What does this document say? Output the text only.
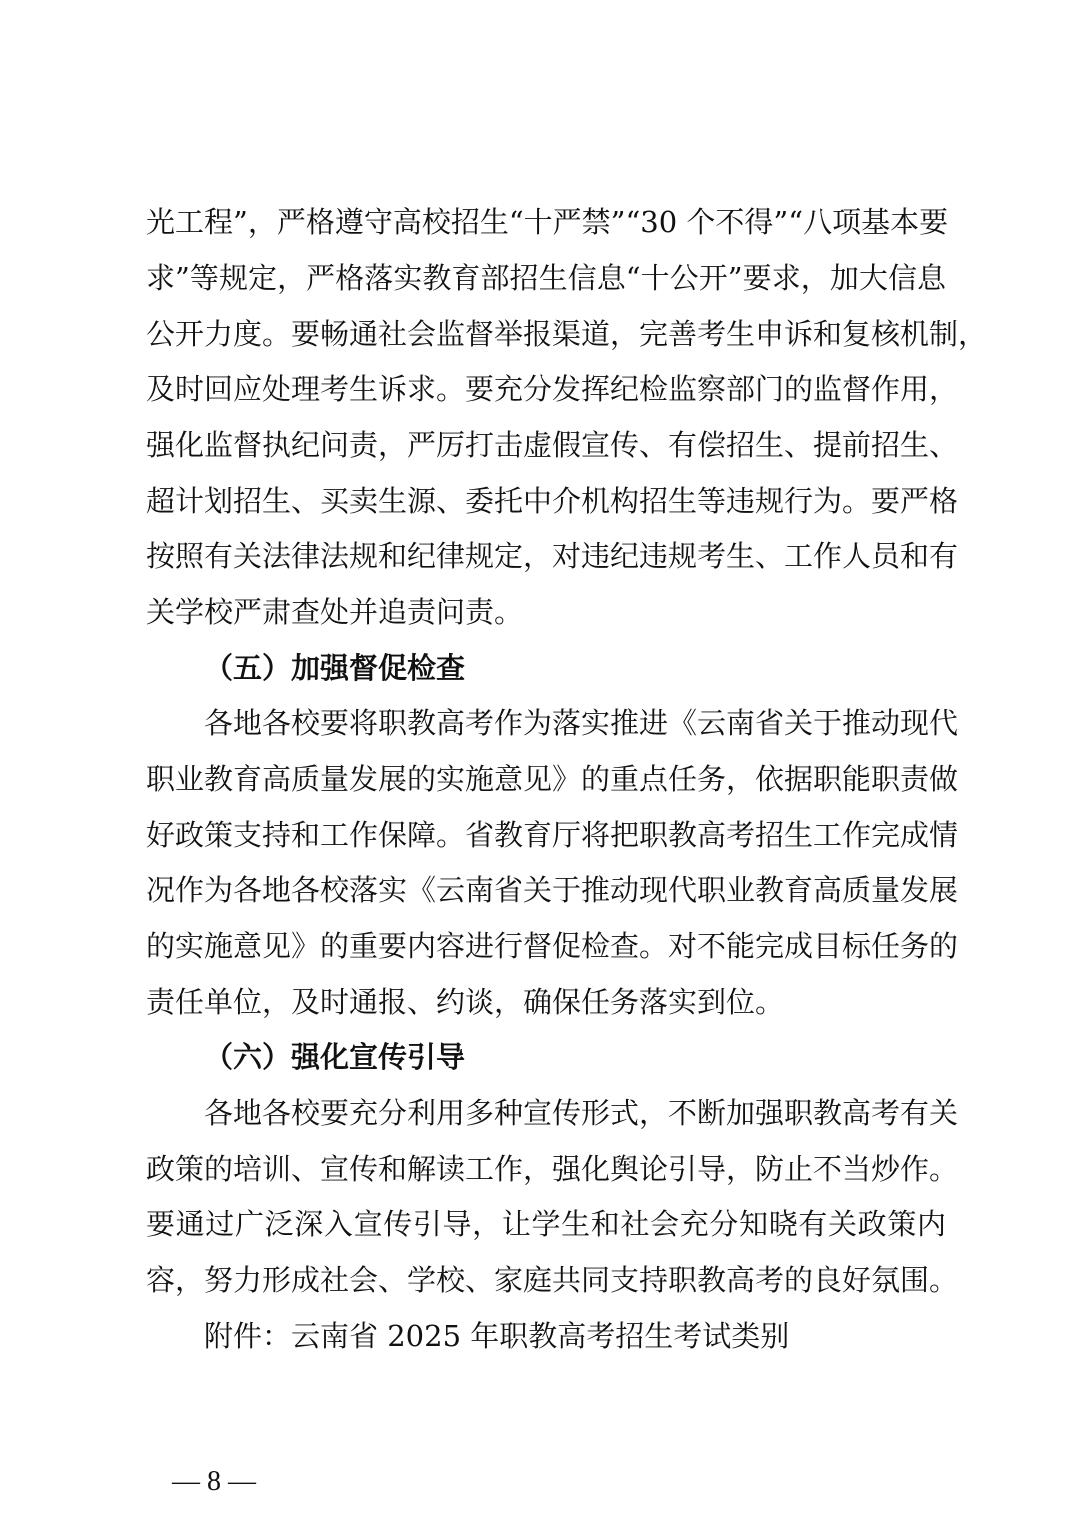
光工程”，严格遵守高校招生“十严禁”“30 个不得”“八项基本要
求”等规定，严格落实教育部招生信息“十公开”要求，加大信息
公开力度。要畅通社会监督举报渠道，完善考生申诉和复核机制，
及时回应处理考生诉求。要充分发挥纪检监察部门的监督作用，
强化监督执纪问责，严厉打击虚假宣传、有偿招生、提前招生、
超计划招生、买卖生源、委托中介机构招生等违规行为。要严格
按照有关法律法规和纪律规定，对违纪违规考生、工作人员和有
关学校严肃查处并追责问责。
（五）加强督促检查
各地各校要将职教高考作为落实推进《云南省关于推动现代
职业教育高质量发展的实施意见》的重点任务，依据职能职责做
好政策支持和工作保障。省教育厅将把职教高考招生工作完成情
况作为各地各校落实《云南省关于推动现代职业教育高质量发展
的实施意见》的重要内容进行督促检查。对不能完成目标任务的
责任单位，及时通报、约谈，确保任务落实到位。
（六）强化宣传引导
各地各校要充分利用多种宣传形式，不断加强职教高考有关
政策的培训、宣传和解读工作，强化舆论引导，防止不当炒作。
要通过广泛深入宣传引导，让学生和社会充分知晓有关政策内
容，努力形成社会、学校、家庭共同支持职教高考的良好氛围。
附件：云南省 2025 年职教高考招生考试类别
— 8 —
